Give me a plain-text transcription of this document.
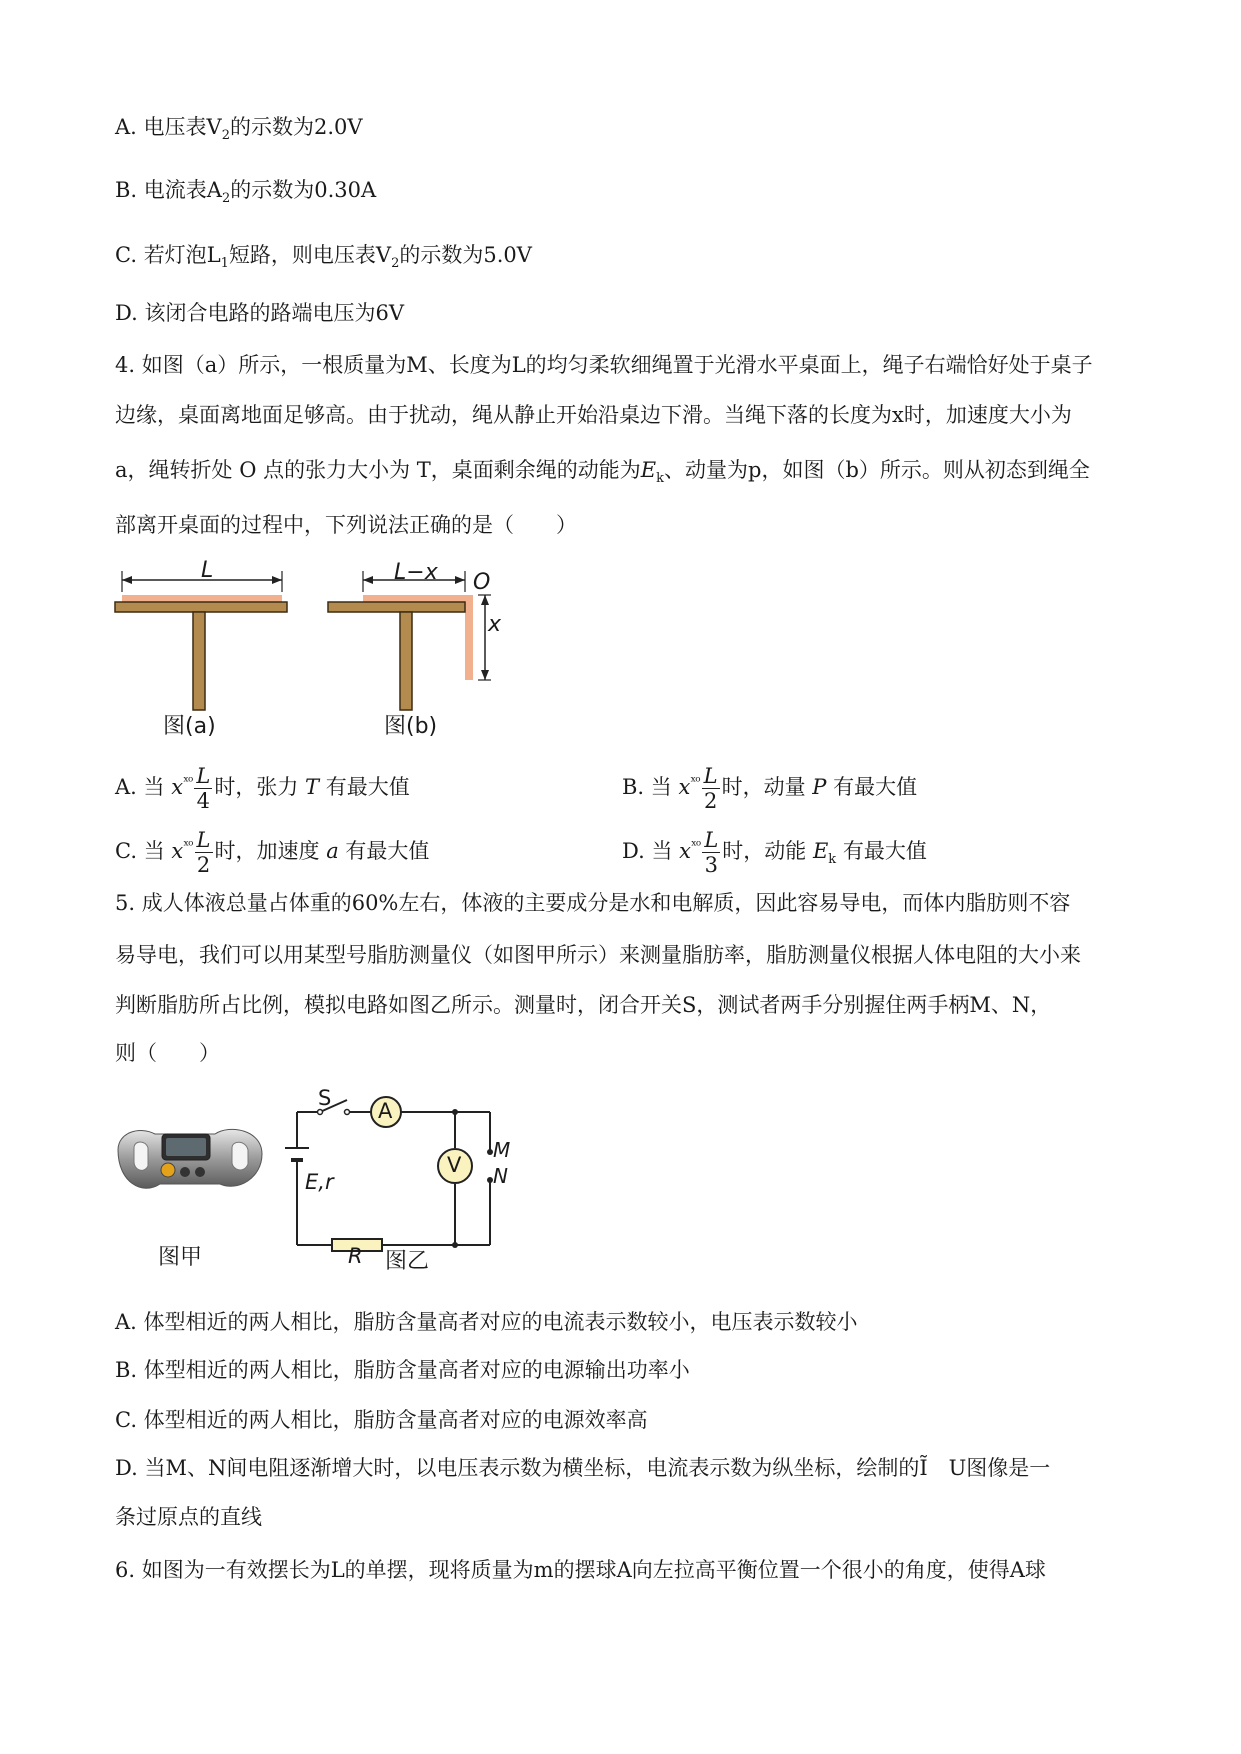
A. 电压表$V_2$的示数为2.0V
B. 电流表$A_2$的示数为0.30A
C. 若灯泡$L_1$短路，则电压表$V_2$的示数为5.0V
D. 该闭合电路的路端电压为6V
4. 如图（a）所示，一根质量为M、长度为L的均匀柔软细绳置于光滑水平桌面上，绳子右端恰好处于桌子
边缘，桌面离地面足够高。由于扰动，绳从静止开始沿桌边下滑。当绳下落的长度为x时，加速度大小为
a，绳转折处 O 点的张力大小为 T，桌面剩余绳的动能为$E_k$、动量为p，如图（b）所示。则从初态到绳全
部离开桌面的过程中，下列说法正确的是（　　）
L
图(a)
L−x O
x
图(b)
A. 当 $x^{ˣᵒ} \frac{L}{4}$ 时，张力 T 有最大值	B. 当 $x^{ˣᵒ} \frac{L}{2}$ 时，动量 P 有最大值
C. 当 $x^{ˣᵒ} \frac{L}{2}$ 时，加速度 a 有最大值	D. 当 $x^{ˣᵒ} \frac{L}{3}$ 时，动能 $E_k$ 有最大值
5. 成人体液总量占体重的60%左右，体液的主要成分是水和电解质，因此容易导电，而体内脂肪则不容
易导电，我们可以用某型号脂肪测量仪（如图甲所示）来测量脂肪率，脂肪测量仪根据人体电阻的大小来
判断脂肪所占比例，模拟电路如图乙所示。测量时，闭合开关S，测试者两手分别握住两手柄M、N，
则（　　）
图甲
S
A
V
M
N
E,r
R 图乙
A. 体型相近的两人相比，脂肪含量高者对应的电流表示数较小，电压表示数较小
B. 体型相近的两人相比，脂肪含量高者对应的电源输出功率小
C. 体型相近的两人相比，脂肪含量高者对应的电源效率高
D. 当M、N间电阻逐渐增大时，以电压表示数为横坐标，电流表示数为纵坐标，绘制的Ĩ　U图像是一
条过原点的直线
6. 如图为一有效摆长为L的单摆，现将质量为m的摆球A向左拉高平衡位置一个很小的角度，使得A球
